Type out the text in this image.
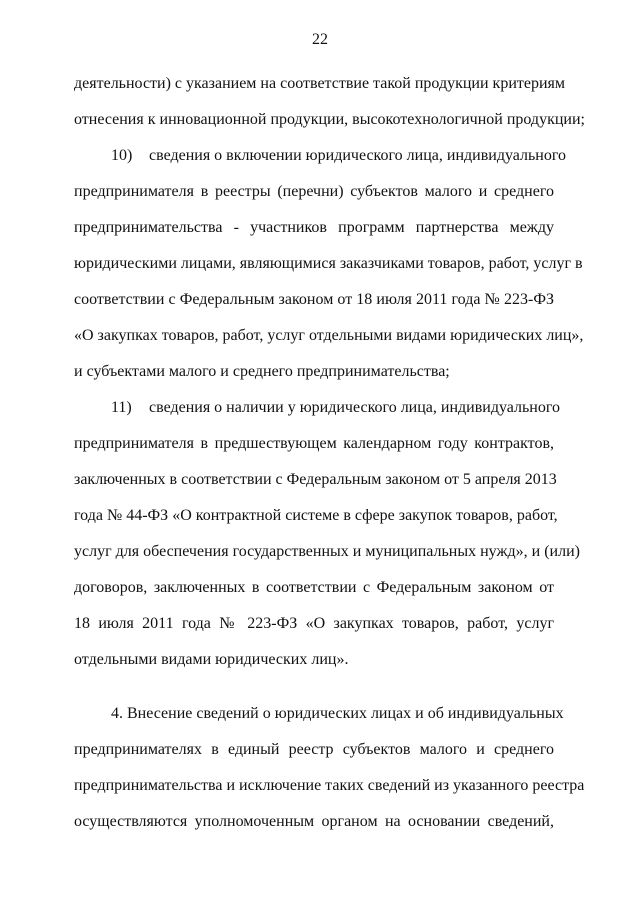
22
деятельности) с указанием на соответствие такой продукции критериям
отнесения к инновационной продукции, высокотехнологичной продукции;
10) сведения о включении юридического лица, индивидуального
предпринимателя в реестры (перечни) субъектов малого и среднего
предпринимательства - участников программ партнерства между
юридическими лицами, являющимися заказчиками товаров, работ, услуг в
соответствии с Федеральным законом от 18 июля 2011 года № 223-ФЗ
«О закупках товаров, работ, услуг отдельными видами юридических лиц»,
и субъектами малого и среднего предпринимательства;
11) сведения о наличии у юридического лица, индивидуального
предпринимателя в предшествующем календарном году контрактов,
заключенных в соответствии с Федеральным законом от 5 апреля 2013
года № 44-ФЗ «О контрактной системе в сфере закупок товаров, работ,
услуг для обеспечения государственных и муниципальных нужд», и (или)
договоров, заключенных в соответствии с Федеральным законом от
18 июля 2011 года № 223-ФЗ «О закупках товаров, работ, услуг
отдельными видами юридических лиц».
4. Внесение сведений о юридических лицах и об индивидуальных
предпринимателях в единый реестр субъектов малого и среднего
предпринимательства и исключение таких сведений из указанного реестра
осуществляются уполномоченным органом на основании сведений,
